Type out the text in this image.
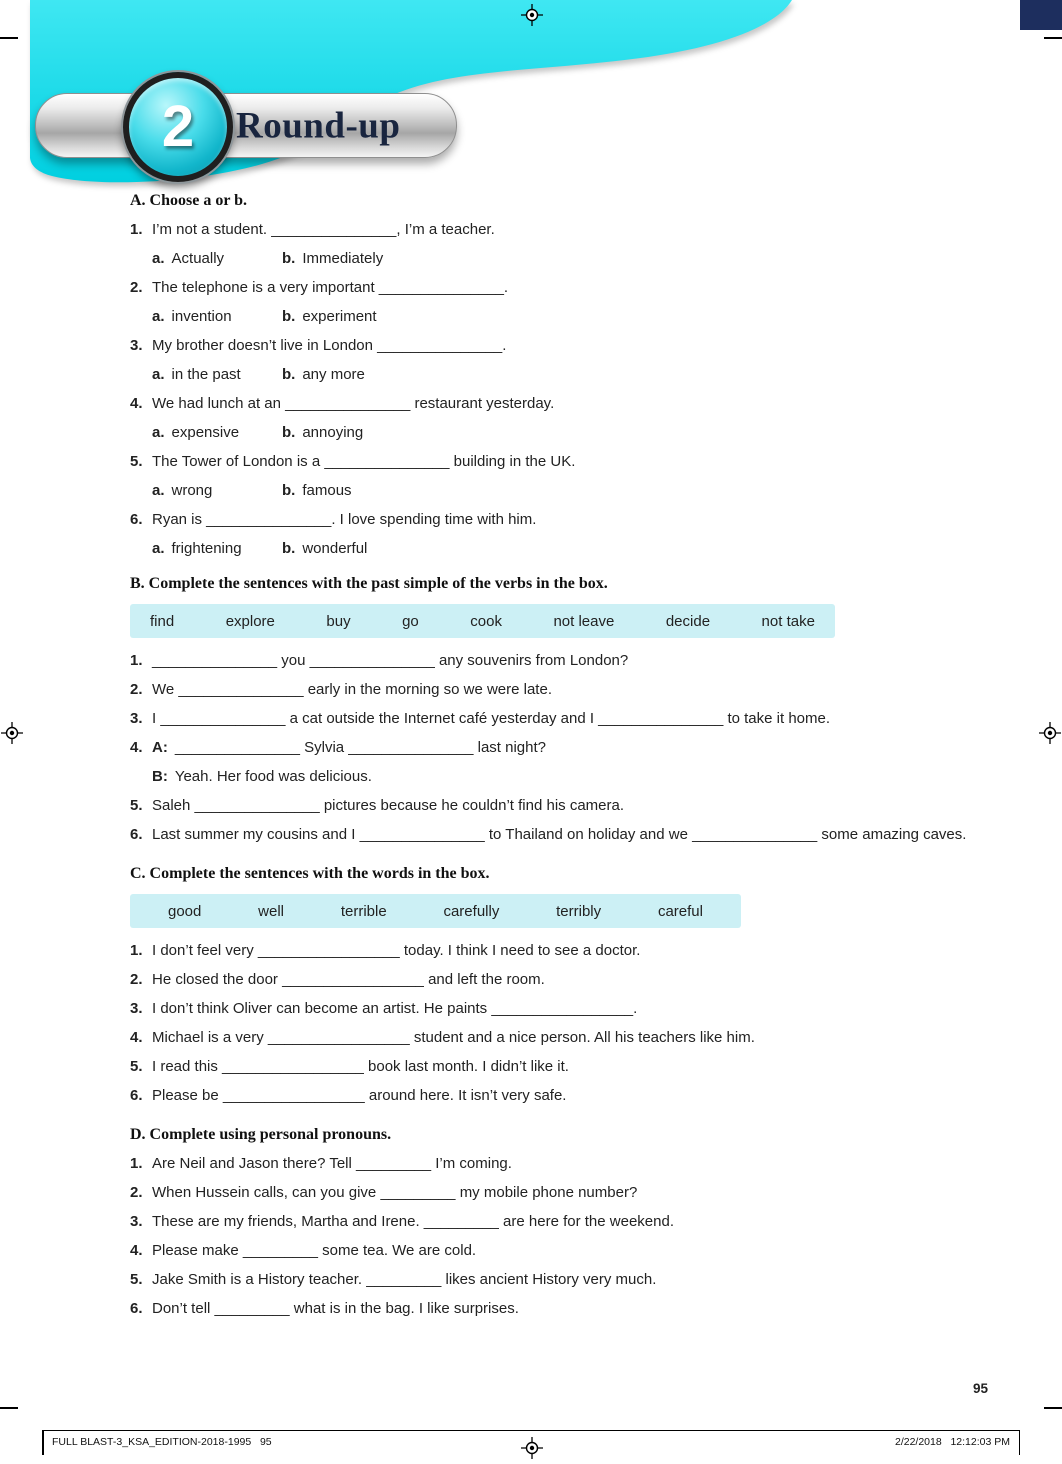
Round-up
2
A. Choose a or b.
1. I’m not a student. _______________, I’m a teacher.
a. Actually	b. Immediately
2. The telephone is a very important _______________.
a. invention	b. experiment
3. My brother doesn’t live in London _______________.
a. in the past	b. any more
4. We had lunch at an _______________ restaurant yesterday.
a. expensive	b. annoying
5. The Tower of London is a _______________ building in the UK.
a. wrong	b. famous
6. Ryan is _______________. I love spending time with him.
a. frightening	b. wonderful
B. Complete the sentences with the past simple of the verbs in the box.
find	explore	buy	go	cook	not leave	decide	not take
1. _______________ you _______________ any souvenirs from London?
2. We _______________ early in the morning so we were late.
3. I _______________ a cat outside the Internet café yesterday and I _______________ to take it home.
4. A: _______________ Sylvia _______________ last night?
B: Yeah. Her food was delicious.
5. Saleh _______________ pictures because he couldn’t find his camera.
6. Last summer my cousins and I _______________ to Thailand on holiday and we _______________ some amazing caves.
C. Complete the sentences with the words in the box.
good	well	terrible	carefully	terribly	careful
1. I don’t feel very _________________ today. I think I need to see a doctor.
2. He closed the door _________________ and left the room.
3. I don’t think Oliver can become an artist. He paints _________________.
4. Michael is a very _________________ student and a nice person. All his teachers like him.
5. I read this _________________ book last month. I didn’t like it.
6. Please be _________________ around here. It isn’t very safe.
D. Complete using personal pronouns.
1. Are Neil and Jason there? Tell _________ I’m coming.
2. When Hussein calls, can you give _________ my mobile phone number?
3. These are my friends, Martha and Irene. _________ are here for the weekend.
4. Please make _________ some tea. We are cold.
5. Jake Smith is a History teacher. _________ likes ancient History very much.
6. Don’t tell _________ what is in the bag. I like surprises.
95
FULL BLAST-3_KSA_EDITION-2018-1995   95	2/22/2018   12:12:03 PM
